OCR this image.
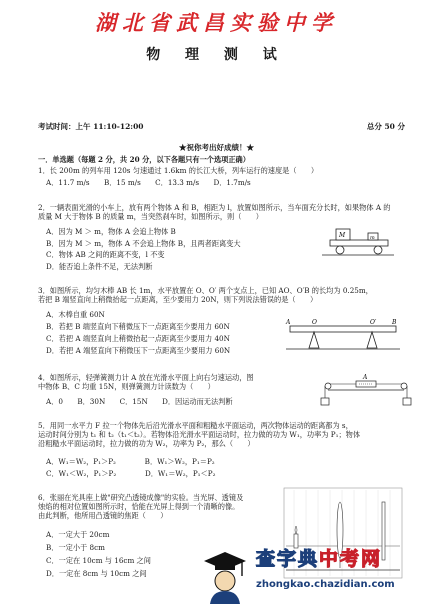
湖北省武昌实验中学
物 理 测 试
考试时间：上午 11:10-12:00	总分 50 分
★祝你考出好成绩！★
一．单选题（每题 2 分，共 20 分，以下各题只有一个选项正确）
1．长 200m 的列车用 120s 匀速通过 1.6km 的长江大桥，列车运行的速度是（　　）
A．11.7 m/s　　B．15 m/s　　C．13.3 m/s　　D．1.7m/s
2．一辆表面光滑的小车上，放有两个物体 A 和 B，相距为 l，放置如图所示，当车面充分长时，如果物体 A 的
质量 M 大于物体 B 的质量 m，当突然刹车时，如图所示，则（　　）
A．因为 M ＞ m，物体 A 会追上物体 B
B．因为 M ＞ m，物体 A 不会追上物体 B，且两者距离变大
C．物体 AB 之间的距离不变，l 不变
D．能否追上条件不足，无法判断
M	m
3．如图所示，均匀木棒 AB 长 1m，水平放置在 O、O′ 两个支点上，已知 AO、O′B 的长均为 0.25m，
若把 B 端竖直向上稍微抬起一点距离，至少要用力 20N，则下列说法错误的是（　　）
A．木棒自重 60N
B．若把 B 端竖直向下稍微压下一点距离至少要用力 60N
C．若把 A 端竖直向上稍微抬起一点距离至少要用力 40N
D．若把 A 端竖直向下稍微压下一点距离至少要用力 60N
A	O	O′	B
4．如图所示，轻弹簧测力计 A 放在光滑水平面上向右匀速运动，图
中物体 B、C 均重 15N，则弹簧测力计读数为（　　）
A．0　　B．30N　　C．15N　　D．因运动而无法判断
A
5．用同一水平力 F 拉一个物体先后沿光滑水平面和粗糙水平面运动，两次物体运动的距离都为 s，
运动时间分别为 t₁ 和 t₂（t₁＜t₂）。若物体沿光滑水平面运动时，拉力做的功为 W₁，功率为 P₁；物体
沿粗糙水平面运动时，拉力做的功为 W₂，功率为 P₂，那么（　　）
A．W₁＝W₂，P₁＞P₂　　　　B．W₁＞W₂，P₁＝P₂
C．W₁＜W₂，P₁＞P₂　　　　D．W₁＝W₂，P₁＜P₂
6．张丽在光具座上做"研究凸透镜成像"的实验。当光屏、透镜及
烛焰的相对位置如图所示时，恰能在光屏上得到一个清晰的像。
由此判断，他所用凸透镜的焦距（　　）
A．一定大于 20cm
B．一定小于 8cm
C．一定在 10cm 与 16cm 之间
D．一定在 8cm 与 10cm 之间
查字典中考网
zhongkao.chazidian.com
